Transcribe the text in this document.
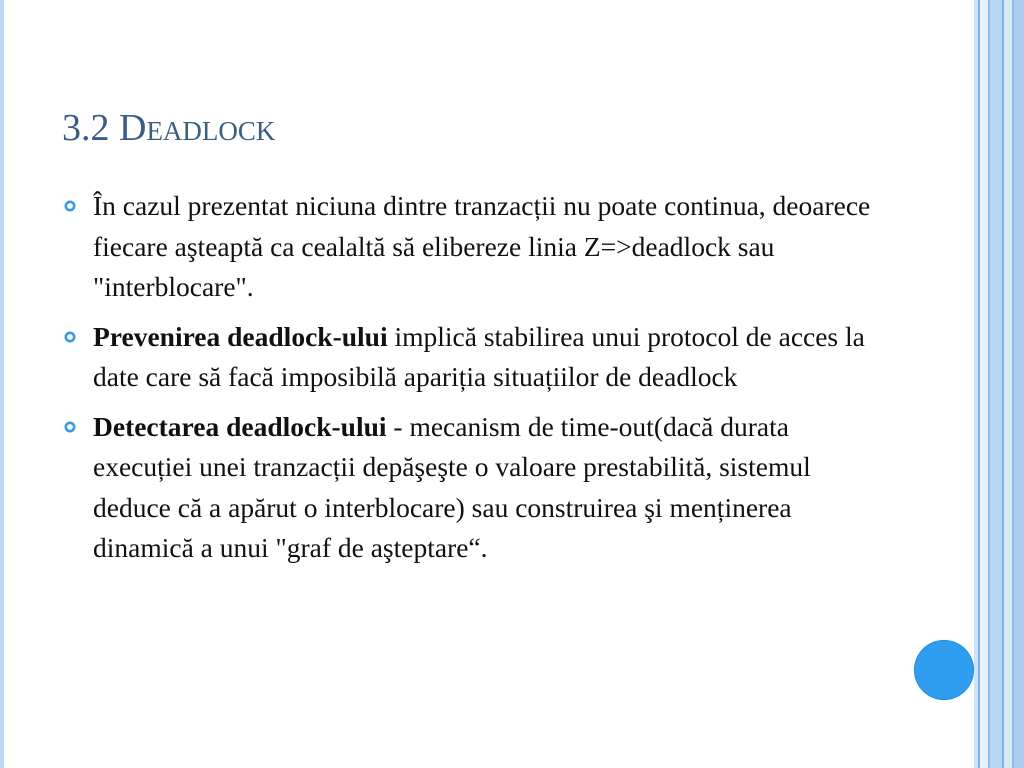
3.2 Deadlock
În cazul prezentat niciuna dintre tranzacții nu poate continua, deoarece fiecare aşteaptă ca cealaltă să elibereze linia Z=>deadlock sau "interblocare".
Prevenirea deadlock-ului implică stabilirea unui protocol de acces la date care să facă imposibilă apariția situațiilor de deadlock
Detectarea deadlock-ului - mecanism de time-out(dacă durata execuției unei tranzacții depăşeşte o valoare prestabilită, sistemul deduce că a apărut o interblocare) sau construirea şi menținerea dinamică a unui "graf de aşteptare“.
